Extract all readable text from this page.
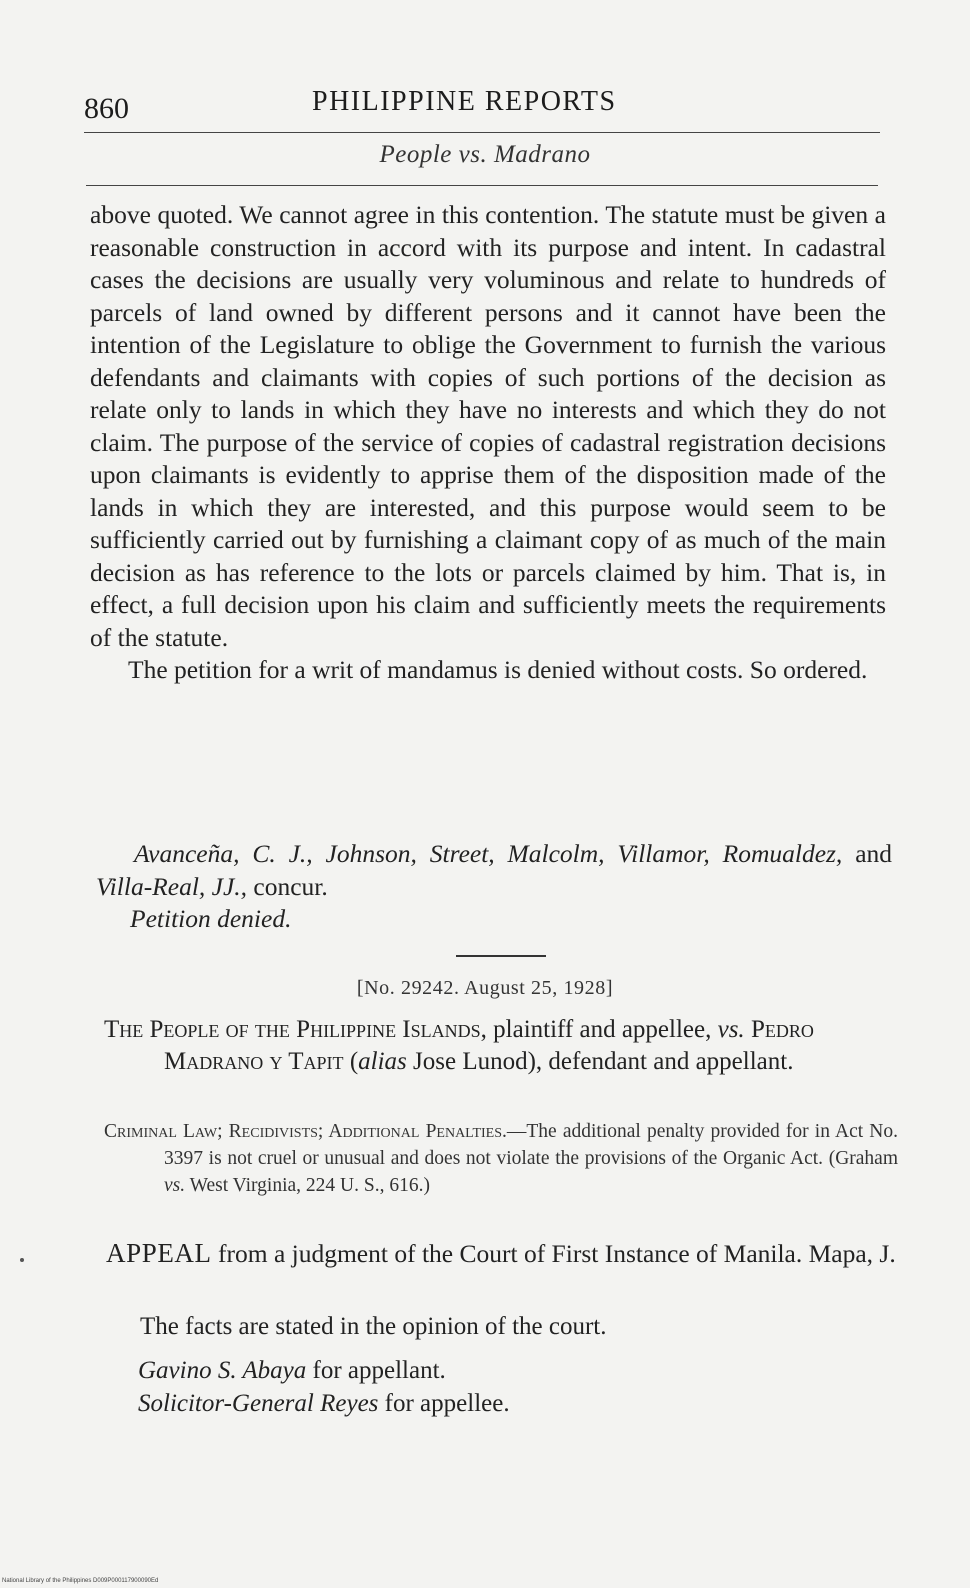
860	PHILIPPINE REPORTS
People vs. Madrano

above quoted. We cannot agree in this contention. The statute must be given a reasonable construction in accord with its purpose and intent. In cadastral cases the decisions are usually very voluminous and relate to hundreds of parcels of land owned by different persons and it cannot have been the intention of the Legislature to oblige the Government to furnish the various defendants and claimants with copies of such portions of the decision as relate only to lands in which they have no interests and which they do not claim. The purpose of the service of copies of cadastral registration decisions upon claimants is evidently to apprise them of the disposition made of the lands in which they are interested, and this purpose would seem to be sufficiently carried out by furnishing a claimant copy of as much of the main decision as has reference to the lots or parcels claimed by him. That is, in effect, a full decision upon his claim and sufficiently meets the requirements of the statute.

The petition for a writ of mandamus is denied without costs. So ordered.

Avanceña, C. J., Johnson, Street, Malcolm, Villamor, Romualdez, and Villa-Real, JJ., concur.

Petition denied.

[No. 29242. August 25, 1928]
The People of the Philippine Islands, plaintiff and appellee, vs. Pedro Madrano y Tapit (alias Jose Lunod), defendant and appellant.
Criminal Law; Recidivists; Additional Penalties.—The additional penalty provided for in Act No. 3397 is not cruel or unusual and does not violate the provisions of the Organic Act. (Graham vs. West Virginia, 224 U. S., 616.)
APPEAL from a judgment of the Court of First Instance of Manila. Mapa, J.
The facts are stated in the opinion of the court.
Gavino S. Abaya for appellant.
Solicitor-General Reyes for appellee.
National Library of the Philippines D009P000117900090Ed
